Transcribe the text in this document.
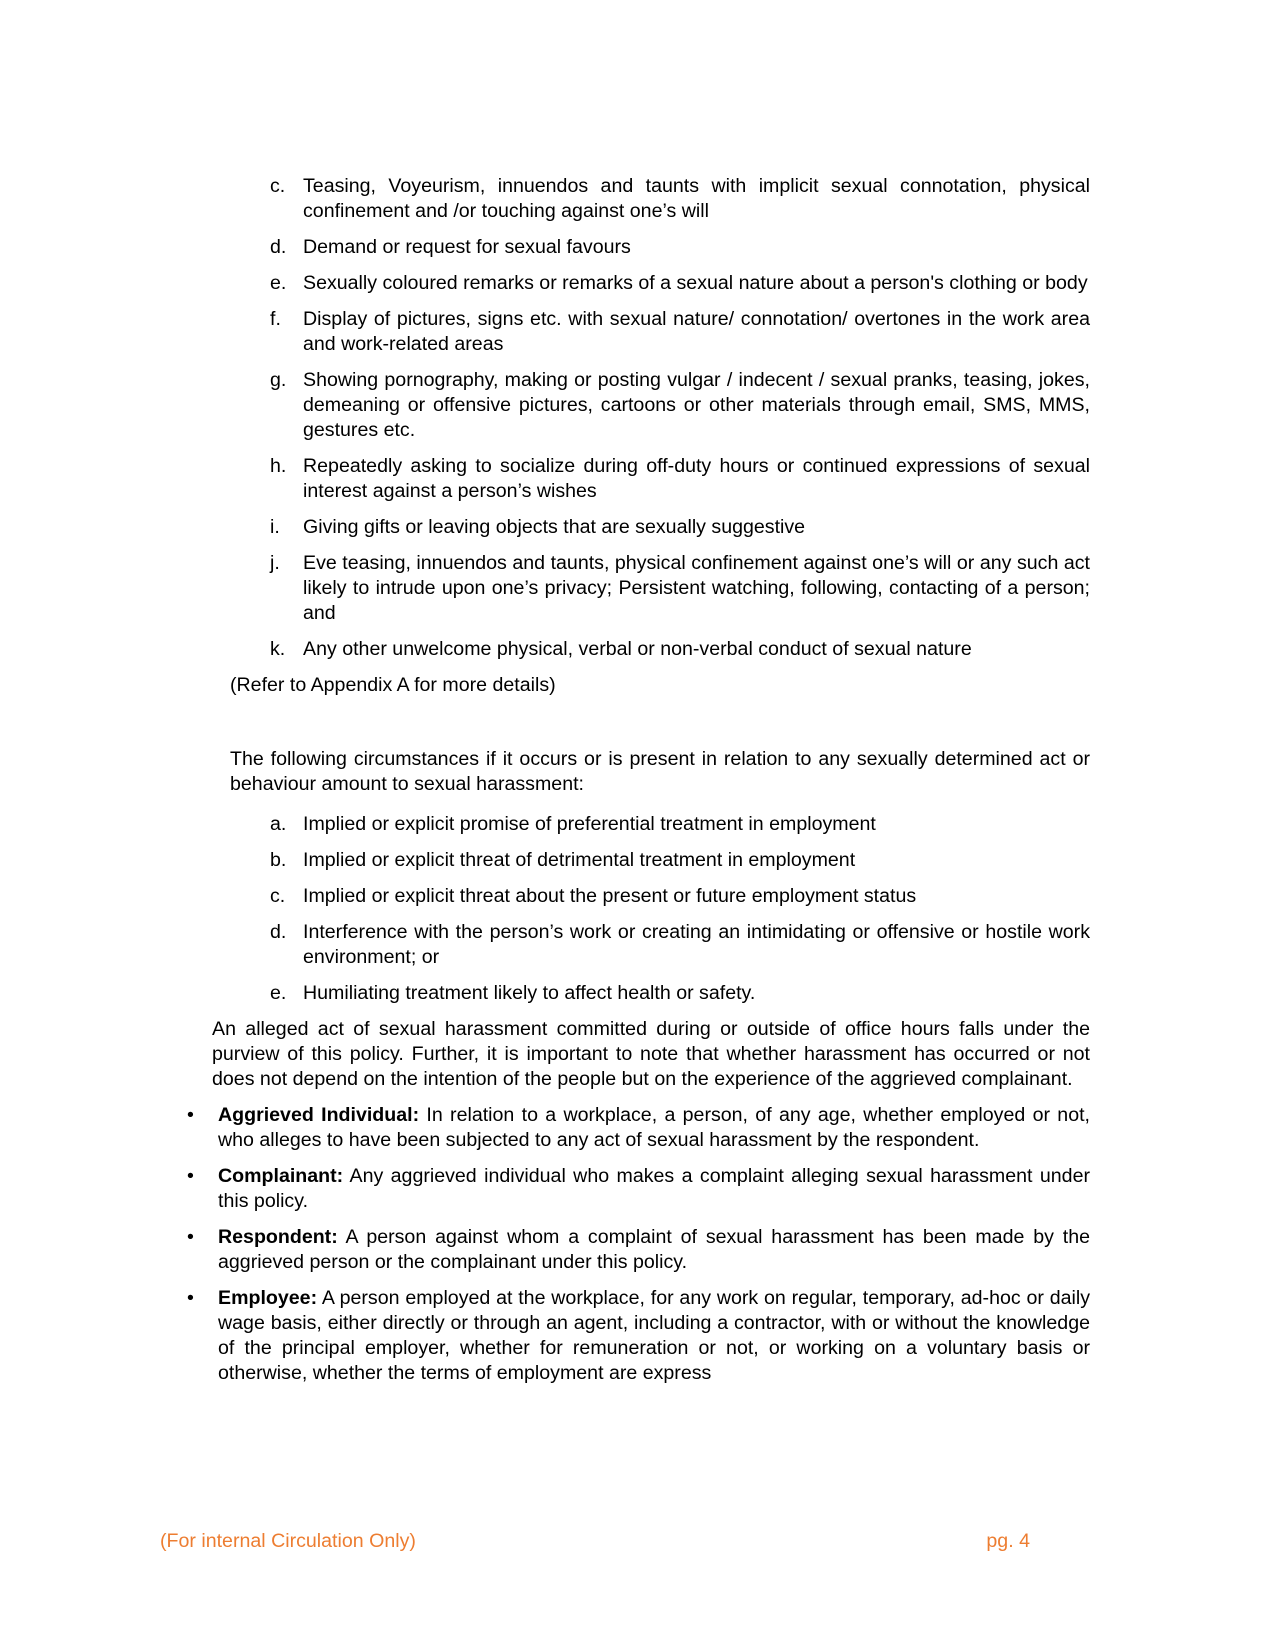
c. Teasing, Voyeurism, innuendos and taunts with implicit sexual connotation, physical confinement and /or touching against one’s will
d. Demand or request for sexual favours
e. Sexually coloured remarks or remarks of a sexual nature about a person's clothing or body
f.	Display of pictures, signs etc. with sexual nature/ connotation/ overtones in the work area and work-related areas
g. Showing pornography, making or posting vulgar / indecent / sexual pranks, teasing, jokes, demeaning or offensive pictures, cartoons or other materials through email, SMS, MMS, gestures etc.
h. Repeatedly asking to socialize during off-duty hours or continued expressions of sexual interest against a person’s wishes
i.	Giving gifts or leaving objects that are sexually suggestive
j.	Eve teasing, innuendos and taunts, physical confinement against one’s will or any such act likely to intrude upon one’s privacy; Persistent watching, following, contacting of a person; and
k. Any other unwelcome physical, verbal or non-verbal conduct of sexual nature

(Refer to Appendix A for more details)

The following circumstances if it occurs or is present in relation to any sexually determined act or behaviour amount to sexual harassment:

a. Implied or explicit promise of preferential treatment in employment
b. Implied or explicit threat of detrimental treatment in employment
c. Implied or explicit threat about the present or future employment status
d. Interference with the person’s work or creating an intimidating or offensive or hostile work environment; or
e. Humiliating treatment likely to affect health or safety.

An alleged act of sexual harassment committed during or outside of office hours falls under the purview of this policy. Further, it is important to note that whether harassment has occurred or not does not depend on the intention of the people but on the experience of the aggrieved complainant.

•	Aggrieved Individual: In relation to a workplace, a person, of any age, whether employed or not, who alleges to have been subjected to any act of sexual harassment by the respondent.
•	Complainant: Any aggrieved individual who makes a complaint alleging sexual harassment under this policy.
•	Respondent: A person against whom a complaint of sexual harassment has been made by the aggrieved person or the complainant under this policy.
•	Employee: A person employed at the workplace, for any work on regular, temporary, ad-hoc or daily wage basis, either directly or through an agent, including a contractor, with or without the knowledge of the principal employer, whether for remuneration or not, or working on a voluntary basis or otherwise, whether the terms of employment are express
(For internal Circulation Only)	pg. 4
